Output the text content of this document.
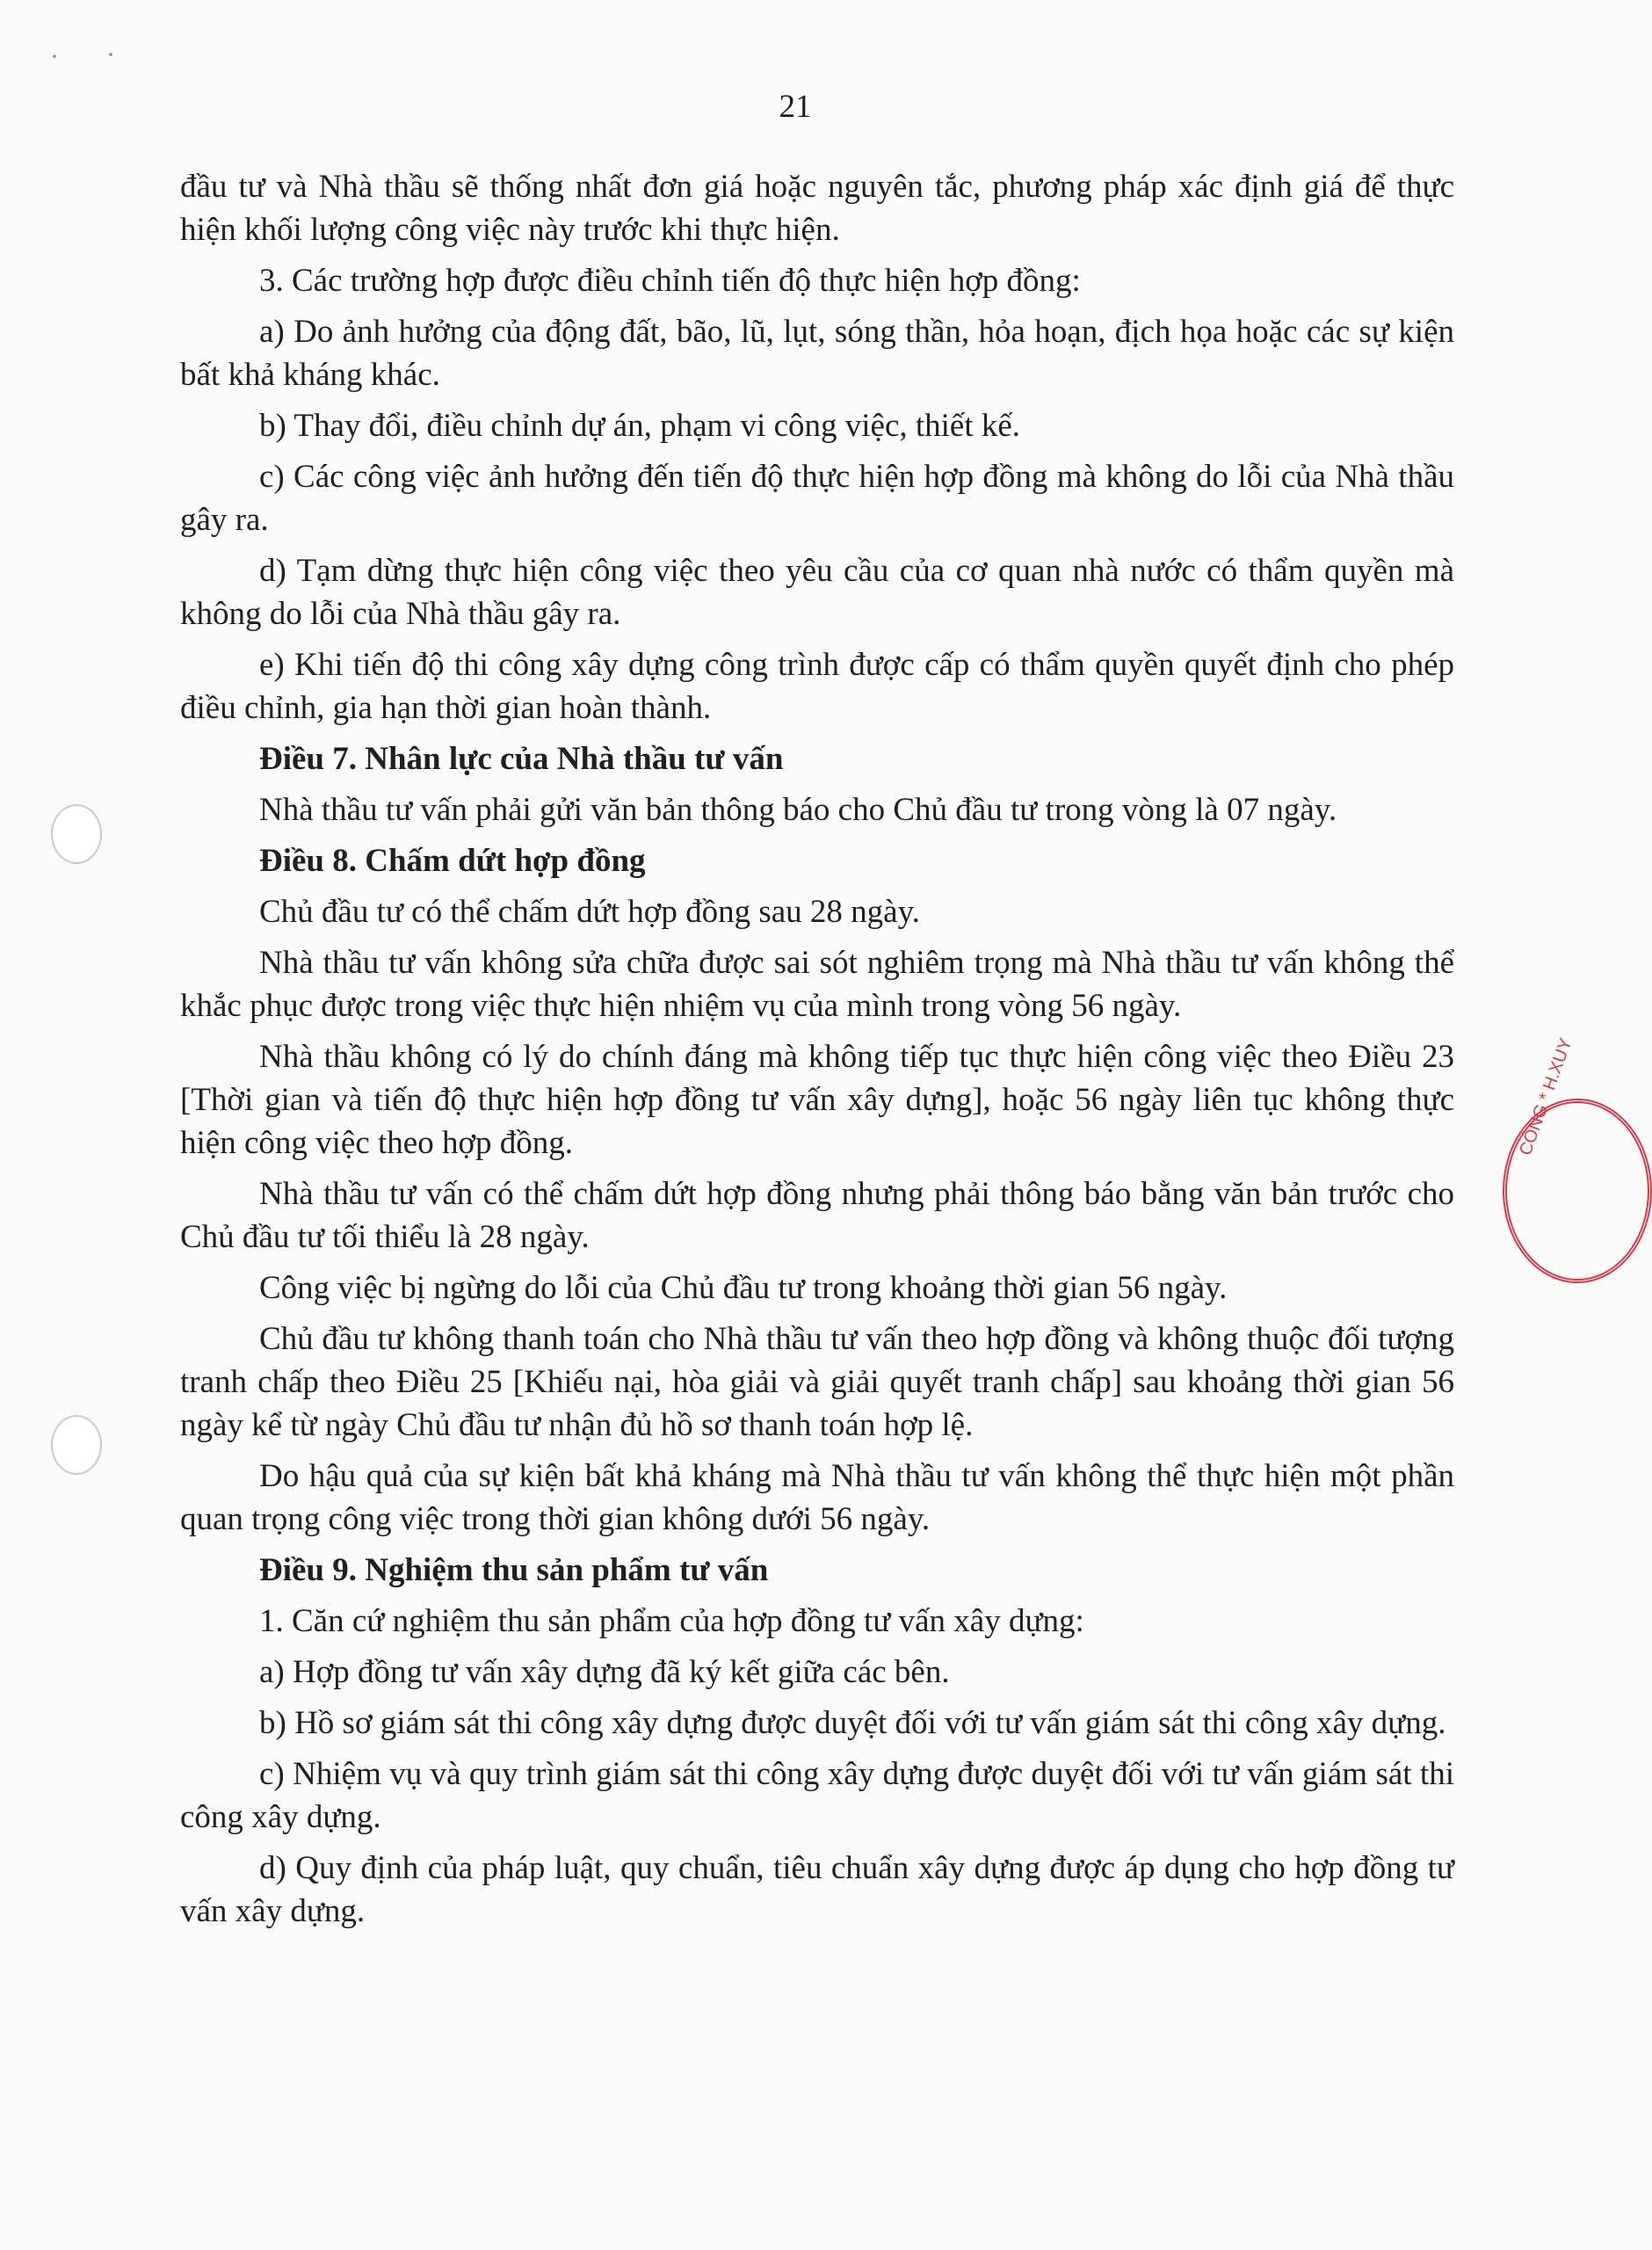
21
CÔNG * H.XUY

đầu tư và Nhà thầu sẽ thống nhất đơn giá hoặc nguyên tắc, phương pháp xác định giá để thực hiện khối lượng công việc này trước khi thực hiện.

3. Các trường hợp được điều chỉnh tiến độ thực hiện hợp đồng:

a) Do ảnh hưởng của động đất, bão, lũ, lụt, sóng thần, hỏa hoạn, địch họa hoặc các sự kiện bất khả kháng khác.

b) Thay đổi, điều chỉnh dự án, phạm vi công việc, thiết kế.

c) Các công việc ảnh hưởng đến tiến độ thực hiện hợp đồng mà không do lỗi của Nhà thầu gây ra.

d) Tạm dừng thực hiện công việc theo yêu cầu của cơ quan nhà nước có thẩm quyền mà không do lỗi của Nhà thầu gây ra.

e) Khi tiến độ thi công xây dựng công trình được cấp có thẩm quyền quyết định cho phép điều chỉnh, gia hạn thời gian hoàn thành.

Điều 7. Nhân lực của Nhà thầu tư vấn

Nhà thầu tư vấn phải gửi văn bản thông báo cho Chủ đầu tư trong vòng là 07 ngày.

Điều 8. Chấm dứt hợp đồng

Chủ đầu tư có thể chấm dứt hợp đồng sau 28 ngày.

Nhà thầu tư vấn không sửa chữa được sai sót nghiêm trọng mà Nhà thầu tư vấn không thể khắc phục được trong việc thực hiện nhiệm vụ của mình trong vòng 56 ngày.

Nhà thầu không có lý do chính đáng mà không tiếp tục thực hiện công việc theo Điều 23 [Thời gian và tiến độ thực hiện hợp đồng tư vấn xây dựng], hoặc 56 ngày liên tục không thực hiện công việc theo hợp đồng.

Nhà thầu tư vấn có thể chấm dứt hợp đồng nhưng phải thông báo bằng văn bản trước cho Chủ đầu tư tối thiểu là 28 ngày.

Công việc bị ngừng do lỗi của Chủ đầu tư trong khoảng thời gian 56 ngày.

Chủ đầu tư không thanh toán cho Nhà thầu tư vấn theo hợp đồng và không thuộc đối tượng tranh chấp theo Điều 25 [Khiếu nại, hòa giải và giải quyết tranh chấp] sau khoảng thời gian 56 ngày kể từ ngày Chủ đầu tư nhận đủ hồ sơ thanh toán hợp lệ.

Do hậu quả của sự kiện bất khả kháng mà Nhà thầu tư vấn không thể thực hiện một phần quan trọng công việc trong thời gian không dưới 56 ngày.

Điều 9. Nghiệm thu sản phẩm tư vấn

1. Căn cứ nghiệm thu sản phẩm của hợp đồng tư vấn xây dựng:

a) Hợp đồng tư vấn xây dựng đã ký kết giữa các bên.

b) Hồ sơ giám sát thi công xây dựng được duyệt đối với tư vấn giám sát thi công xây dựng.

c) Nhiệm vụ và quy trình giám sát thi công xây dựng được duyệt đối với tư vấn giám sát thi công xây dựng.

d) Quy định của pháp luật, quy chuẩn, tiêu chuẩn xây dựng được áp dụng cho hợp đồng tư vấn xây dựng.
